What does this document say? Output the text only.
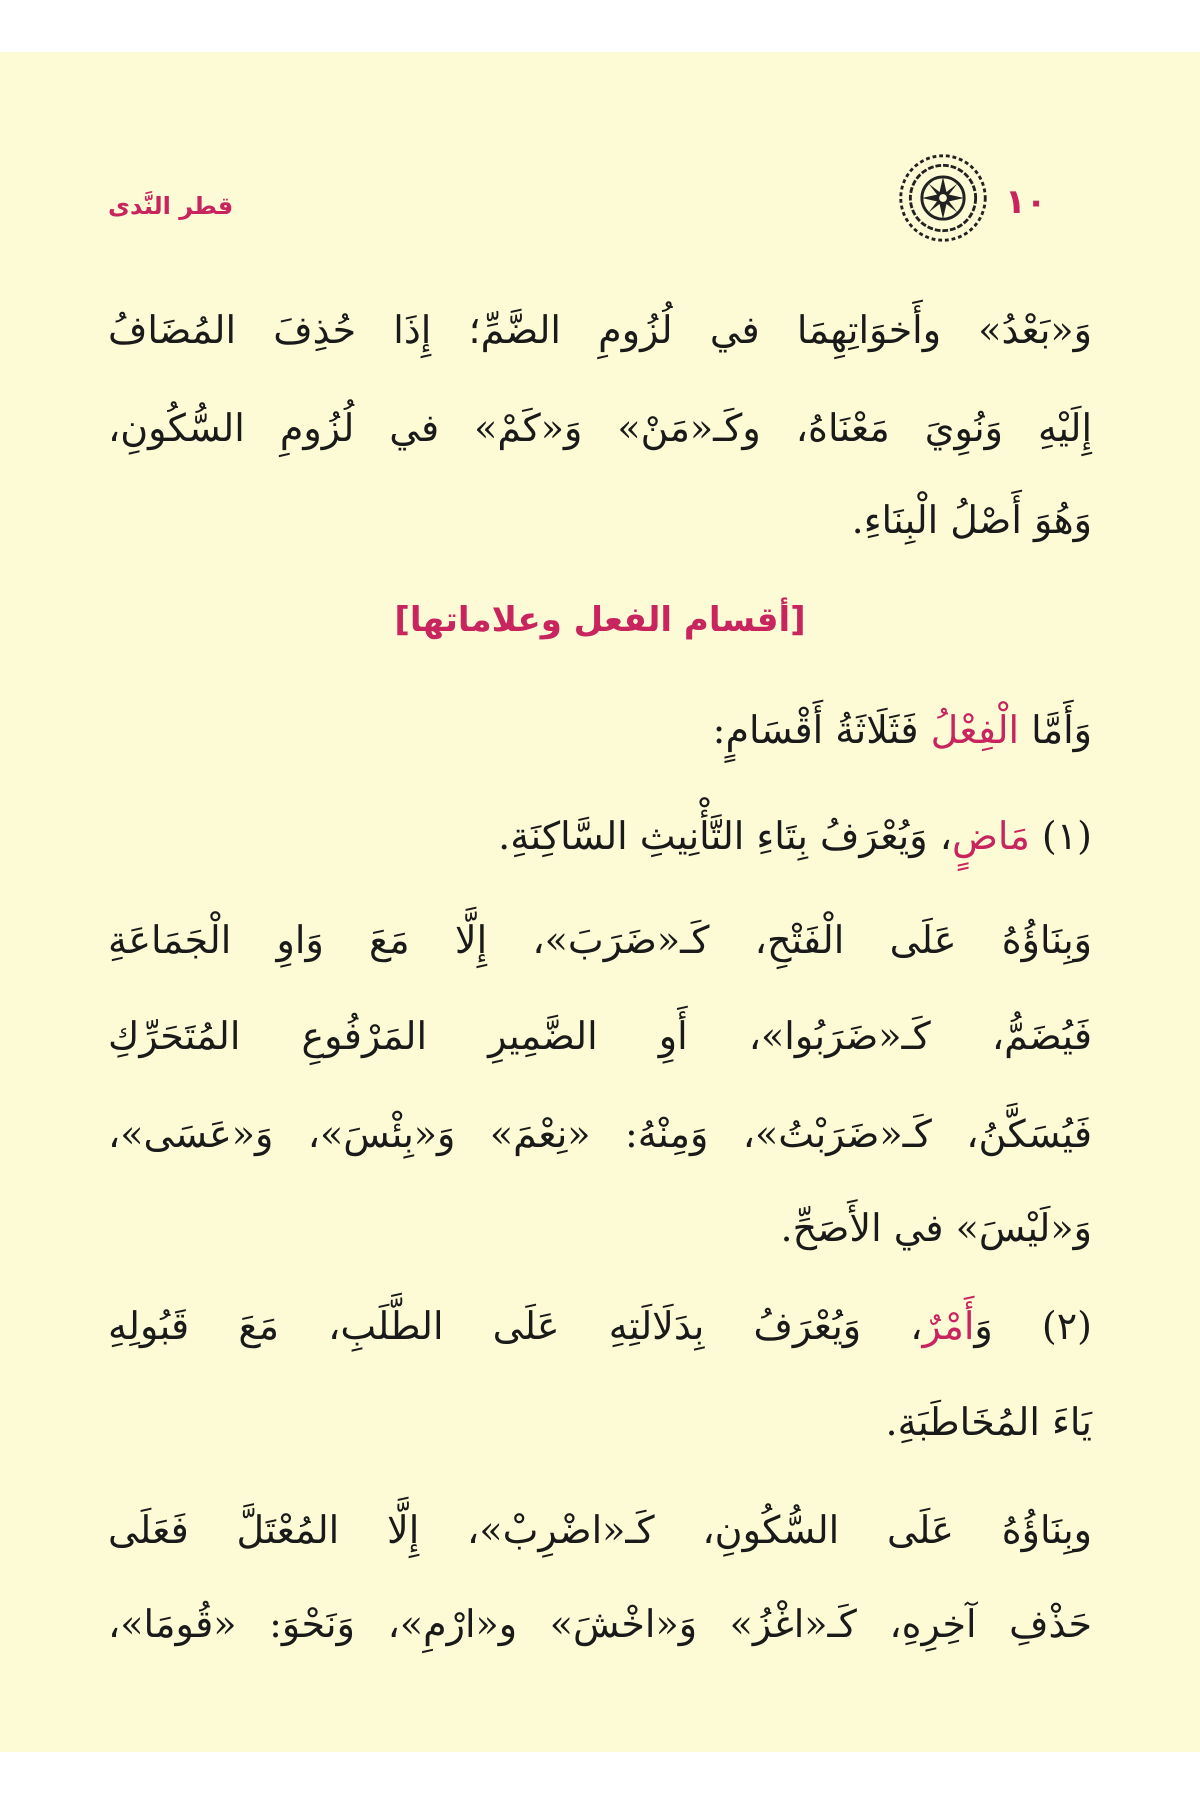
قطر النَّدى	١٠
وَ«بَعْدُ» وأَخوَاتِهِمَا في لُزُومِ الضَّمِّ؛ إِذَا حُذِفَ المُضَافُ
إِلَيْهِ وَنُوِيَ مَعْنَاهُ، وكَـ«مَنْ» وَ«كَمْ» في لُزُومِ السُّكُونِ،
وَهُوَ أَصْلُ الْبِنَاءِ.
[أقسام الفعل وعلاماتها]
وَأَمَّا الْفِعْلُ فَثَلَاثَةُ أَقْسَامٍ:
(١) مَاضٍ، وَيُعْرَفُ بِتَاءِ التَّأْنِيثِ السَّاكِنَةِ.
وَبِنَاؤُهُ عَلَى الْفَتْحِ، كَـ«ضَرَبَ»، إِلَّا مَعَ وَاوِ الْجَمَاعَةِ
فَيُضَمُّ، كَـ«ضَرَبُوا»، أَوِ الضَّمِيرِ المَرْفُوعِ المُتَحَرِّكِ
فَيُسَكَّنُ، كَـ«ضَرَبْتُ»، وَمِنْهُ: «نِعْمَ» وَ«بِئْسَ»، وَ«عَسَى»،
وَ«لَيْسَ» في الأَصَحِّ.
(٢) وَأَمْرٌ، وَيُعْرَفُ بِدَلَالَتِهِ عَلَى الطَّلَبِ، مَعَ قَبُولِهِ
يَاءَ المُخَاطَبَةِ.
وبِنَاؤُهُ عَلَى السُّكُونِ، كَـ«اضْرِبْ»، إِلَّا المُعْتَلَّ فَعَلَى
حَذْفِ آخِرِهِ، كَـ«اغْزُ» وَ«اخْشَ» و«ارْمِ»، وَنَحْوَ: «قُومَا»،
